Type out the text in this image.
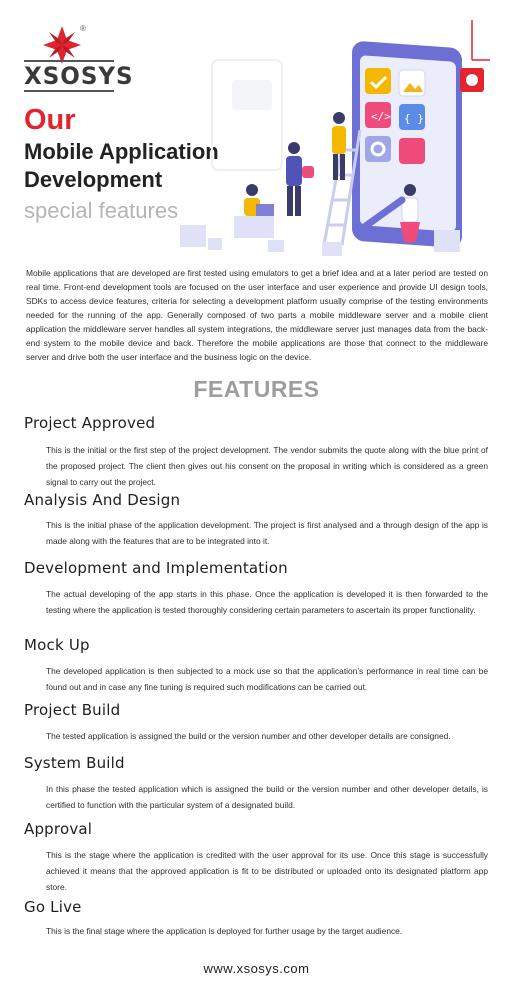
®
XSOSYS
Our
Mobile Application Development
special features
</> { }

Mobile applications that are developed are first tested using emulators to get a brief idea and at a later period are tested on real time. Front-end development tools are focused on the user interface and user experience and provide UI design tools, SDKs to access device features, criteria for selecting a development platform usually comprise of the testing environments needed for the running of the app. Generally composed of two parts a mobile middleware server and a mobile client application the middleware server handles all system integrations, the middleware server just manages data from the back-end system to the mobile device and back. Therefore the mobile applications are those that connect to the middleware server and drive both the user interface and the business logic on the device.

FEATURES
Project Approved

This is the initial or the first step of the project development. The vendor submits the quote along with the blue print of the proposed project. The client then gives out his consent on the proposal in writing which is considered as a green signal to carry out the project.

Analysis And Design

This is the initial phase of the application development. The project is first analysed and a through design of the app is made along with the features that are to be integrated into it.

Development and Implementation

The actual developing of the app starts in this phase. Once the application is developed it is then forwarded to the testing where the application is tested thoroughly considering certain parameters to ascertain its proper functionality.

Mock Up

The developed application is then subjected to a mock use so that the application’s performance in real time can be found out and in case any fine tuning is required such modifications can be carried out.

Project Build

The tested application is assigned the build or the version number and other developer details are consigned.

System Build

In this phase the tested application which is assigned the build or the version number and other developer details, is certified to function with the particular system of a designated build.

Approval

This is the stage where the application is credited with the user approval for its use. Once this stage is successfully achieved it means that the approved application is fit to be distributed or uploaded onto its designated platform app store.

Go Live

This is the final stage where the application is deployed for further usage by the target audience.

www.xsosys.com
